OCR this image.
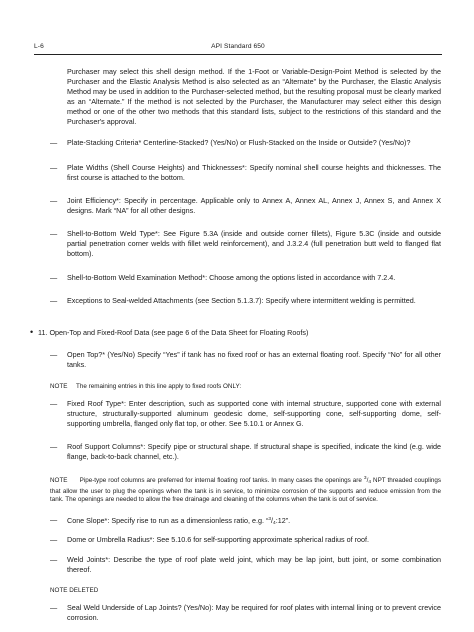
L-6	API Standard 650
Purchaser may select this shell design method. If the 1-Foot or Variable-Design-Point Method is selected by the Purchaser and the Elastic Analysis Method is also selected as an “Alternate” by the Purchaser, the Elastic Analysis Method may be used in addition to the Purchaser-selected method, but the resulting proposal must be clearly marked as an “Alternate.” If the method is not selected by the Purchaser, the Manufacturer may select either this design method or one of the other two methods that this standard lists, subject to the restrictions of this standard and the Purchaser's approval.
— Plate-Stacking Criteria* Centerline-Stacked? (Yes/No) or Flush-Stacked on the Inside or Outside? (Yes/No)?
— Plate Widths (Shell Course Heights) and Thicknesses*: Specify nominal shell course heights and thicknesses. The first course is attached to the bottom.
— Joint Efficiency*: Specify in percentage. Applicable only to Annex A, Annex AL, Annex J, Annex S, and Annex X designs. Mark “NA” for all other designs.
— Shell-to-Bottom Weld Type*: See Figure 5.3A (inside and outside corner fillets), Figure 5.3C (inside and outside partial penetration corner welds with fillet weld reinforcement), and J.3.2.4 (full penetration butt weld to flanged flat bottom).
— Shell-to-Bottom Weld Examination Method*: Choose among the options listed in accordance with 7.2.4.
— Exceptions to Seal-welded Attachments (see Section 5.1.3.7): Specify where intermittent welding is permitted.
• 11. Open-Top and Fixed-Roof Data (see page 6 of the Data Sheet for Floating Roofs)
— Open Top?* (Yes/No) Specify “Yes” if tank has no fixed roof or has an external floating roof. Specify “No” for all other tanks.
NOTE The remaining entries in this line apply to fixed roofs ONLY:
— Fixed Roof Type*: Enter description, such as supported cone with internal structure, supported cone with external structure, structurally-supported aluminum geodesic dome, self-supporting cone, self-supporting dome, self-supporting umbrella, flanged only flat top, or other. See 5.10.1 or Annex G.
— Roof Support Columns*: Specify pipe or structural shape. If structural shape is specified, indicate the kind (e.g. wide flange, back-to-back channel, etc.).
NOTE Pipe-type roof columns are preferred for internal floating roof tanks. In many cases the openings are $^3/_4$ NPT threaded couplings that allow the user to plug the openings when the tank is in service, to minimize corrosion of the supports and reduce emission from the tank. The openings are needed to allow the free drainage and cleaning of the columns when the tank is out of service.
— Cone Slope*: Specify rise to run as a dimensionless ratio, e.g. “$^3/_4:12$”.
— Dome or Umbrella Radius*: See 5.10.6 for self-supporting approximate spherical radius of roof.
— Weld Joints*: Describe the type of roof plate weld joint, which may be lap joint, butt joint, or some combination thereof.
NOTE DELETED
— Seal Weld Underside of Lap Joints? (Yes/No): May be required for roof plates with internal lining or to prevent crevice corrosion.
